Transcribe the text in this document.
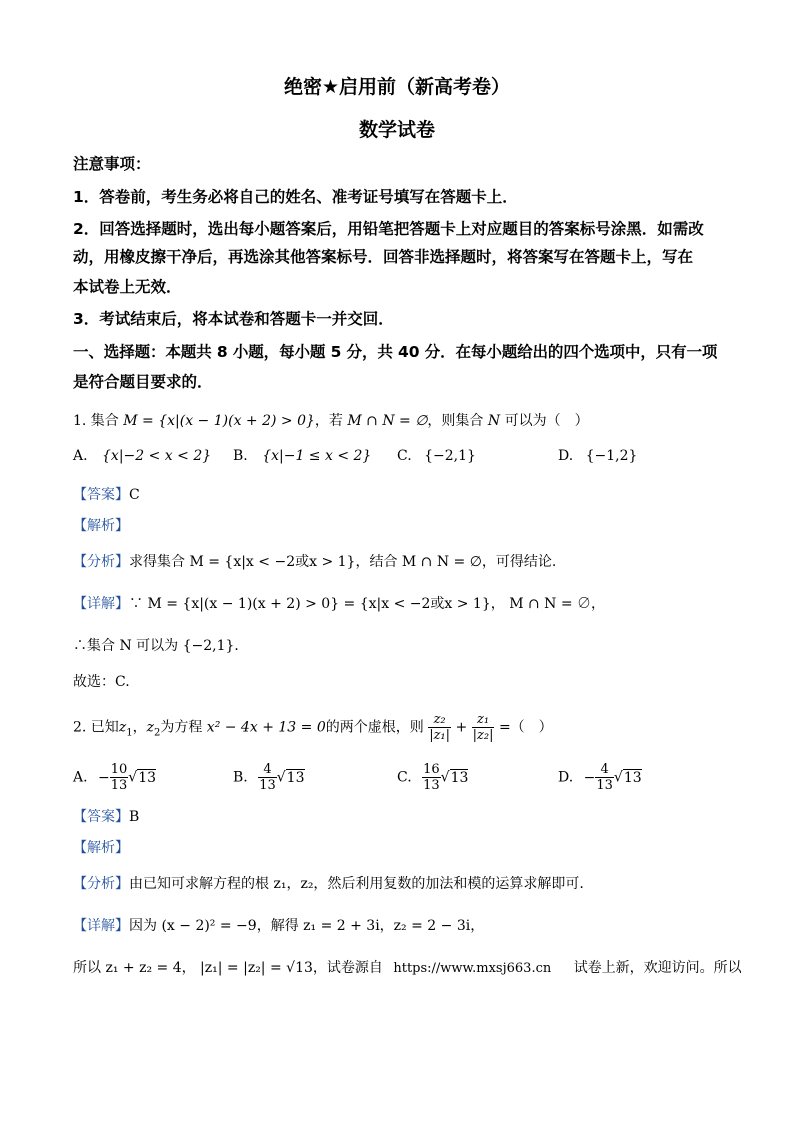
绝密★启用前（新高考卷）
数学试卷
注意事项：
1．答卷前，考生务必将自己的姓名、准考证号填写在答题卡上．
2．回答选择题时，选出每小题答案后，用铅笔把答题卡上对应题目的答案标号涂黑．如需改
动，用橡皮擦干净后，再选涂其他答案标号．回答非选择题时，将答案写在答题卡上，写在
本试卷上无效．
3．考试结束后，将本试卷和答题卡一并交回．
一、选择题：本题共 8 小题，每小题 5 分，共 40 分．在每小题给出的四个选项中，只有一项
是符合题目要求的．
1. 集合 M = {x|(x − 1)(x + 2) > 0}，若 M ∩ N = ∅，则集合 N 可以为（　）
A. {x|−2 < x < 2} B. {x|−1 ≤ x < 2} C. {−2,1}	D. {−1,2}
【答案】C
【解析】
【分析】求得集合 M = {x|x < −2或x > 1}，结合 M ∩ N = ∅，可得结论.
【详解】∵ M = {x|(x − 1)(x + 2) > 0} = {x|x < −2或x > 1}， M ∩ N = ∅，
∴集合 N 可以为 {−2,1}．
故选：C.
2. 已知$z_1$，$z_2$为方程 x² − 4x + 13 = 0的两个虚根，则 $\frac{\text{z₂}}{\text{|z₁|}} + \frac{\text{z₁}}{\text{|z₂|}}$ =（　）
A. − $\frac{10}{13} √13$	B. $\frac{4}{13} √13$	C. $\frac{16}{13} √13$	D. − $\frac{4}{13} √13$
【答案】B
【解析】
【分析】由已知可求解方程的根 z₁，z₂，然后利用复数的加法和模的运算求解即可.
【详解】因为 (x − 2)² = −9，解得 z₁ = 2 + 3i，z₂ = 2 − 3i，
所以 z₁ + z₂ = 4， |z₁| = |z₂| = √13，试卷源自 https://www.mxsj663.cn 试卷上新，欢迎访问。所以
